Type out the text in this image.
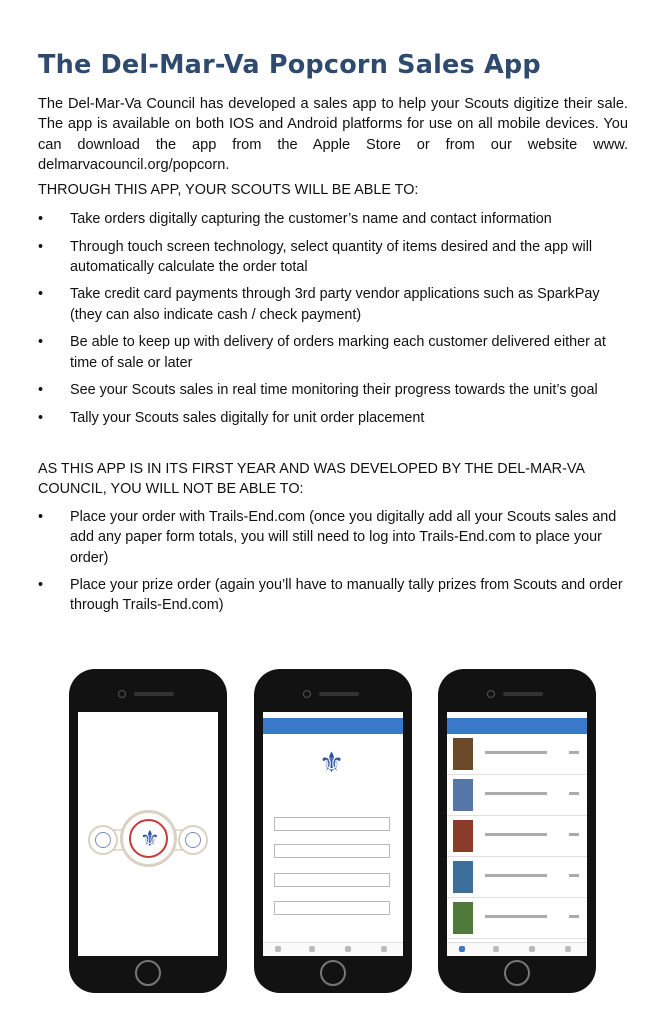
The Del-Mar-Va Popcorn Sales App

The Del-Mar-Va Council has developed a sales app to help your Scouts digitize their sale. The app is available on both IOS and Android platforms for use on all mobile devices. You can download the app from the Apple Store or from our website www. delmarvacouncil.org/popcorn.

THROUGH THIS APP, YOUR SCOUTS WILL BE ABLE TO:
• Take orders digitally capturing the customer’s name and contact information
• Through touch screen technology, select quantity of items desired and the app will automatically calculate the order total
• Take credit card payments through 3rd party vendor applications such as SparkPay (they can also indicate cash / check payment)
• Be able to keep up with delivery of orders marking each customer delivered either at time of sale or later
• See your Scouts sales in real time monitoring their progress towards the unit’s goal
• Tally your Scouts sales digitally for unit order placement
AS THIS APP IS IN ITS FIRST YEAR AND WAS DEVELOPED BY THE DEL-MAR-VA COUNCIL, YOU WILL NOT BE ABLE TO:
• Place your order with Trails-End.com (once you digitally add all your Scouts sales and add any paper form totals, you will still need to log into Trails-End.com to place your order)
• Place your prize order (again you’ll have to manually tally prizes from Scouts and order through Trails-End.com)
⚜
⚜
